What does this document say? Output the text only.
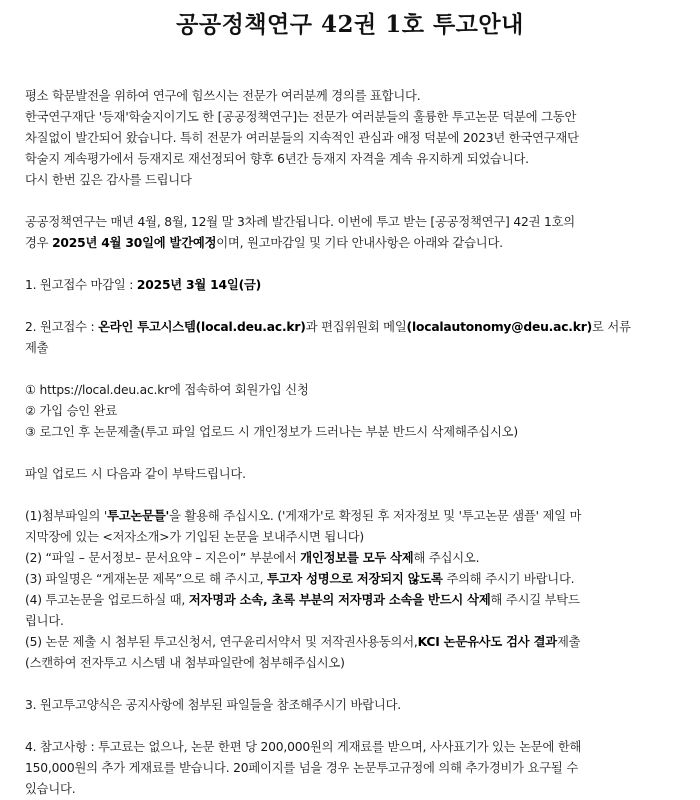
공공정책연구 42권 1호 투고안내

평소 학문발전을 위하여 연구에 힘쓰시는 전문가 여러분께 경의를 표합니다.

한국연구재단 '등재'학술지이기도 한 [공공정책연구]는 전문가 여러분들의 훌륭한 투고논문 덕분에 그동안

차질없이 발간되어 왔습니다. 특히 전문가 여러분들의 지속적인 관심과 애정 덕분에 2023년 한국연구재단

학술지 계속평가에서 등재지로 재선정되어 향후 6년간 등재지 자격을 계속 유지하게 되었습니다.

다시 한번 깊은 감사를 드립니다

공공정책연구는 매년 4월, 8월, 12월 말 3차례 발간됩니다. 이번에 투고 받는 [공공정책연구] 42권 1호의

경우 2025년 4월 30일에 발간예정이며, 원고마감일 및 기타 안내사항은 아래와 같습니다.

1. 원고접수 마감일 : 2025년 3월 14일(금)

2. 원고접수 : 온라인 투고시스템(local.deu.ac.kr)과 편집위원회 메일(localautonomy@deu.ac.kr)로 서류

제출

① https://local.deu.ac.kr에 접속하여 회원가입 신청

② 가입 승인 완료

③ 로그인 후 논문제출(투고 파일 업로드 시 개인정보가 드러나는 부분 반드시 삭제해주십시오)

파일 업로드 시 다음과 같이 부탁드립니다.

(1)첨부파일의 '투고논문틀'을 활용해 주십시오. ('게재가'로 확정된 후 저자정보 및 '투고논문 샘플' 제일 마

지막장에 있는 <저자소개>가 기입된 논문을 보내주시면 됩니다)

(2) “파일 – 문서정보– 문서요약 – 지은이” 부분에서 개인정보를 모두 삭제해 주십시오.

(3) 파일명은 “게재논문 제목”으로 해 주시고, 투고자 성명으로 저장되지 않도록 주의해 주시기 바랍니다.

(4) 투고논문을 업로드하실 때, 저자명과 소속, 초록 부분의 저자명과 소속을 반드시 삭제해 주시길 부탁드

립니다.

(5) 논문 제출 시 첨부된 투고신청서, 연구윤리서약서 및 저작권사용동의서,KCI 논문유사도 검사 결과제출

(스캔하여 전자투고 시스템 내 첨부파일란에 첨부해주십시오)

3. 원고투고양식은 공지사항에 첨부된 파일들을 참조해주시기 바랍니다.

4. 참고사항 : 투고료는 없으나, 논문 한편 당 200,000원의 게재료를 받으며, 사사표기가 있는 논문에 한해

150,000원의 추가 게재료를 받습니다. 20페이지를 넘을 경우 논문투고규정에 의해 추가경비가 요구될 수

있습니다.
